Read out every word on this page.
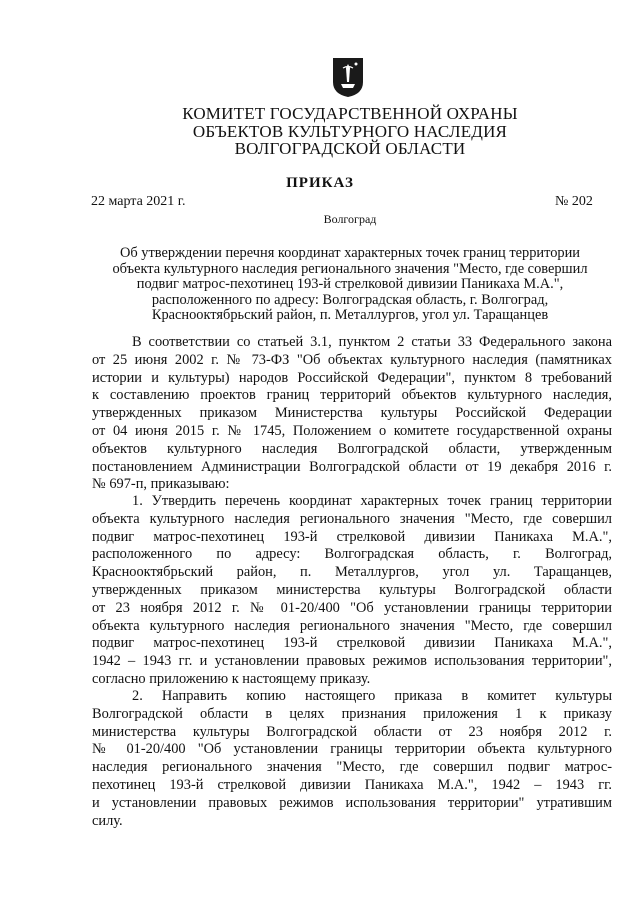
КОМИТЕТ ГОСУДАРСТВЕННОЙ ОХРАНЫ
ОБЪЕКТОВ КУЛЬТУРНОГО НАСЛЕДИЯ
ВОЛГОГРАДСКОЙ ОБЛАСТИ
ПРИКАЗ
22 марта 2021 г.	№ 202
Волгоград
Об утверждении перечня координат характерных точек границ территории
объекта культурного наследия регионального значения "Место, где совершил
подвиг матрос-пехотинец 193-й стрелковой дивизии Паникаха М.А.",
расположенного по адресу: Волгоградская область, г. Волгоград,
Краснооктябрьский район, п. Металлургов, угол ул. Таращанцев
В соответствии со статьей 3.1, пунктом 2 статьи 33 Федерального закона
от 25 июня 2002 г. № 73-ФЗ "Об объектах культурного наследия (памятниках
истории и культуры) народов Российской Федерации", пунктом 8 требований
к составлению проектов границ территорий объектов культурного наследия,
утвержденных приказом Министерства культуры Российской Федерации
от 04 июня 2015 г. № 1745, Положением о комитете государственной охраны
объектов культурного наследия Волгоградской области, утвержденным
постановлением Администрации Волгоградской области от 19 декабря 2016 г.
№ 697-п, приказываю:
1. Утвердить перечень координат характерных точек границ территории
объекта культурного наследия регионального значения "Место, где совершил
подвиг матрос-пехотинец 193-й стрелковой дивизии Паникаха М.А.",
расположенного по адресу: Волгоградская область, г. Волгоград,
Краснооктябрьский район, п. Металлургов, угол ул. Таращанцев,
утвержденных приказом министерства культуры Волгоградской области
от 23 ноября 2012 г. № 01-20/400 "Об установлении границы территории
объекта культурного наследия регионального значения "Место, где совершил
подвиг матрос-пехотинец 193-й стрелковой дивизии Паникаха М.А.",
1942 – 1943 гг. и установлении правовых режимов использования территории",
согласно приложению к настоящему приказу.
2. Направить копию настоящего приказа в комитет культуры
Волгоградской области в целях признания приложения 1 к приказу
министерства культуры Волгоградской области от 23 ноября 2012 г.
№ 01-20/400 "Об установлении границы территории объекта культурного
наследия регионального значения "Место, где совершил подвиг матрос-
пехотинец 193-й стрелковой дивизии Паникаха М.А.", 1942 – 1943 гг.
и установлении правовых режимов использования территории" утратившим
силу.
